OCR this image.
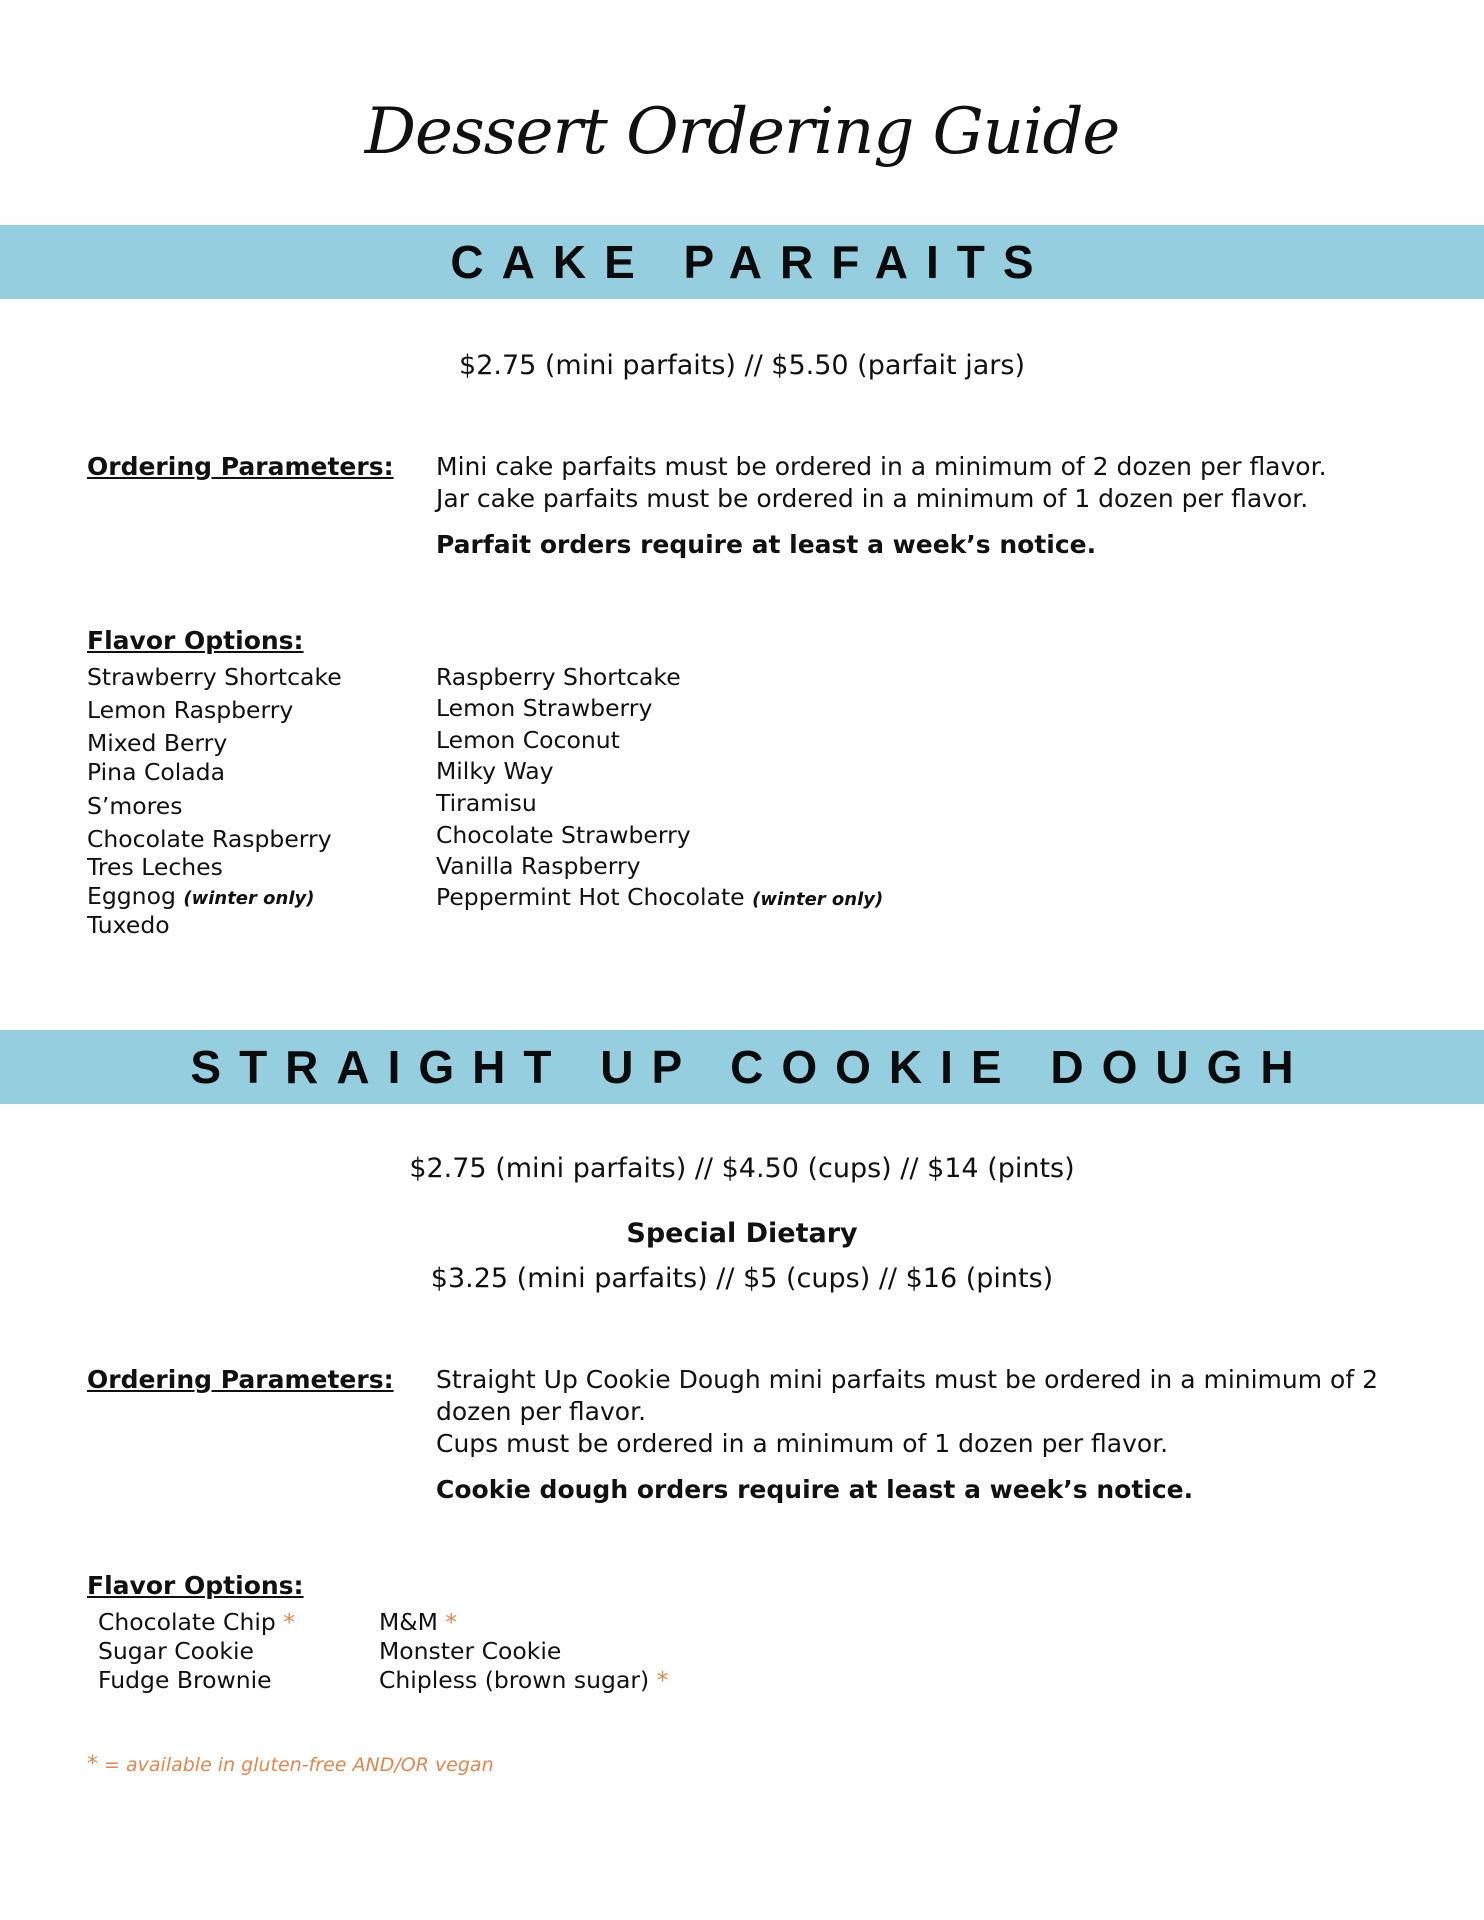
Dessert Ordering Guide
CAKE PARFAITS
$2.75 (mini parfaits) // $5.50 (parfait jars)
Ordering Parameters: Mini cake parfaits must be ordered in a minimum of 2 dozen per flavor.

Jar cake parfaits must be ordered in a minimum of 1 dozen per flavor.

Parfait orders require at least a week’s notice.

Flavor Options:
Strawberry Shortcake
Lemon Raspberry
Mixed Berry
Pina Colada
S’mores
Chocolate Raspberry
Tres Leches
Eggnog (winter only)
Tuxedo
Raspberry Shortcake
Lemon Strawberry
Lemon Coconut
Milky Way
Tiramisu
Chocolate Strawberry
Vanilla Raspberry
Peppermint Hot Chocolate (winter only)
STRAIGHT UP COOKIE DOUGH
$2.75 (mini parfaits) // $4.50 (cups) // $14 (pints)
Special Dietary
$3.25 (mini parfaits) // $5 (cups) // $16 (pints)
Ordering Parameters: Straight Up Cookie Dough mini parfaits must be ordered in a minimum of 2 dozen per flavor.

Cups must be ordered in a minimum of 1 dozen per flavor.

Cookie dough orders require at least a week’s notice.

Flavor Options:
Chocolate Chip *
Sugar Cookie
Fudge Brownie
M&M *
Monster Cookie
Chipless (brown sugar) *
* = available in gluten-free AND/OR vegan
